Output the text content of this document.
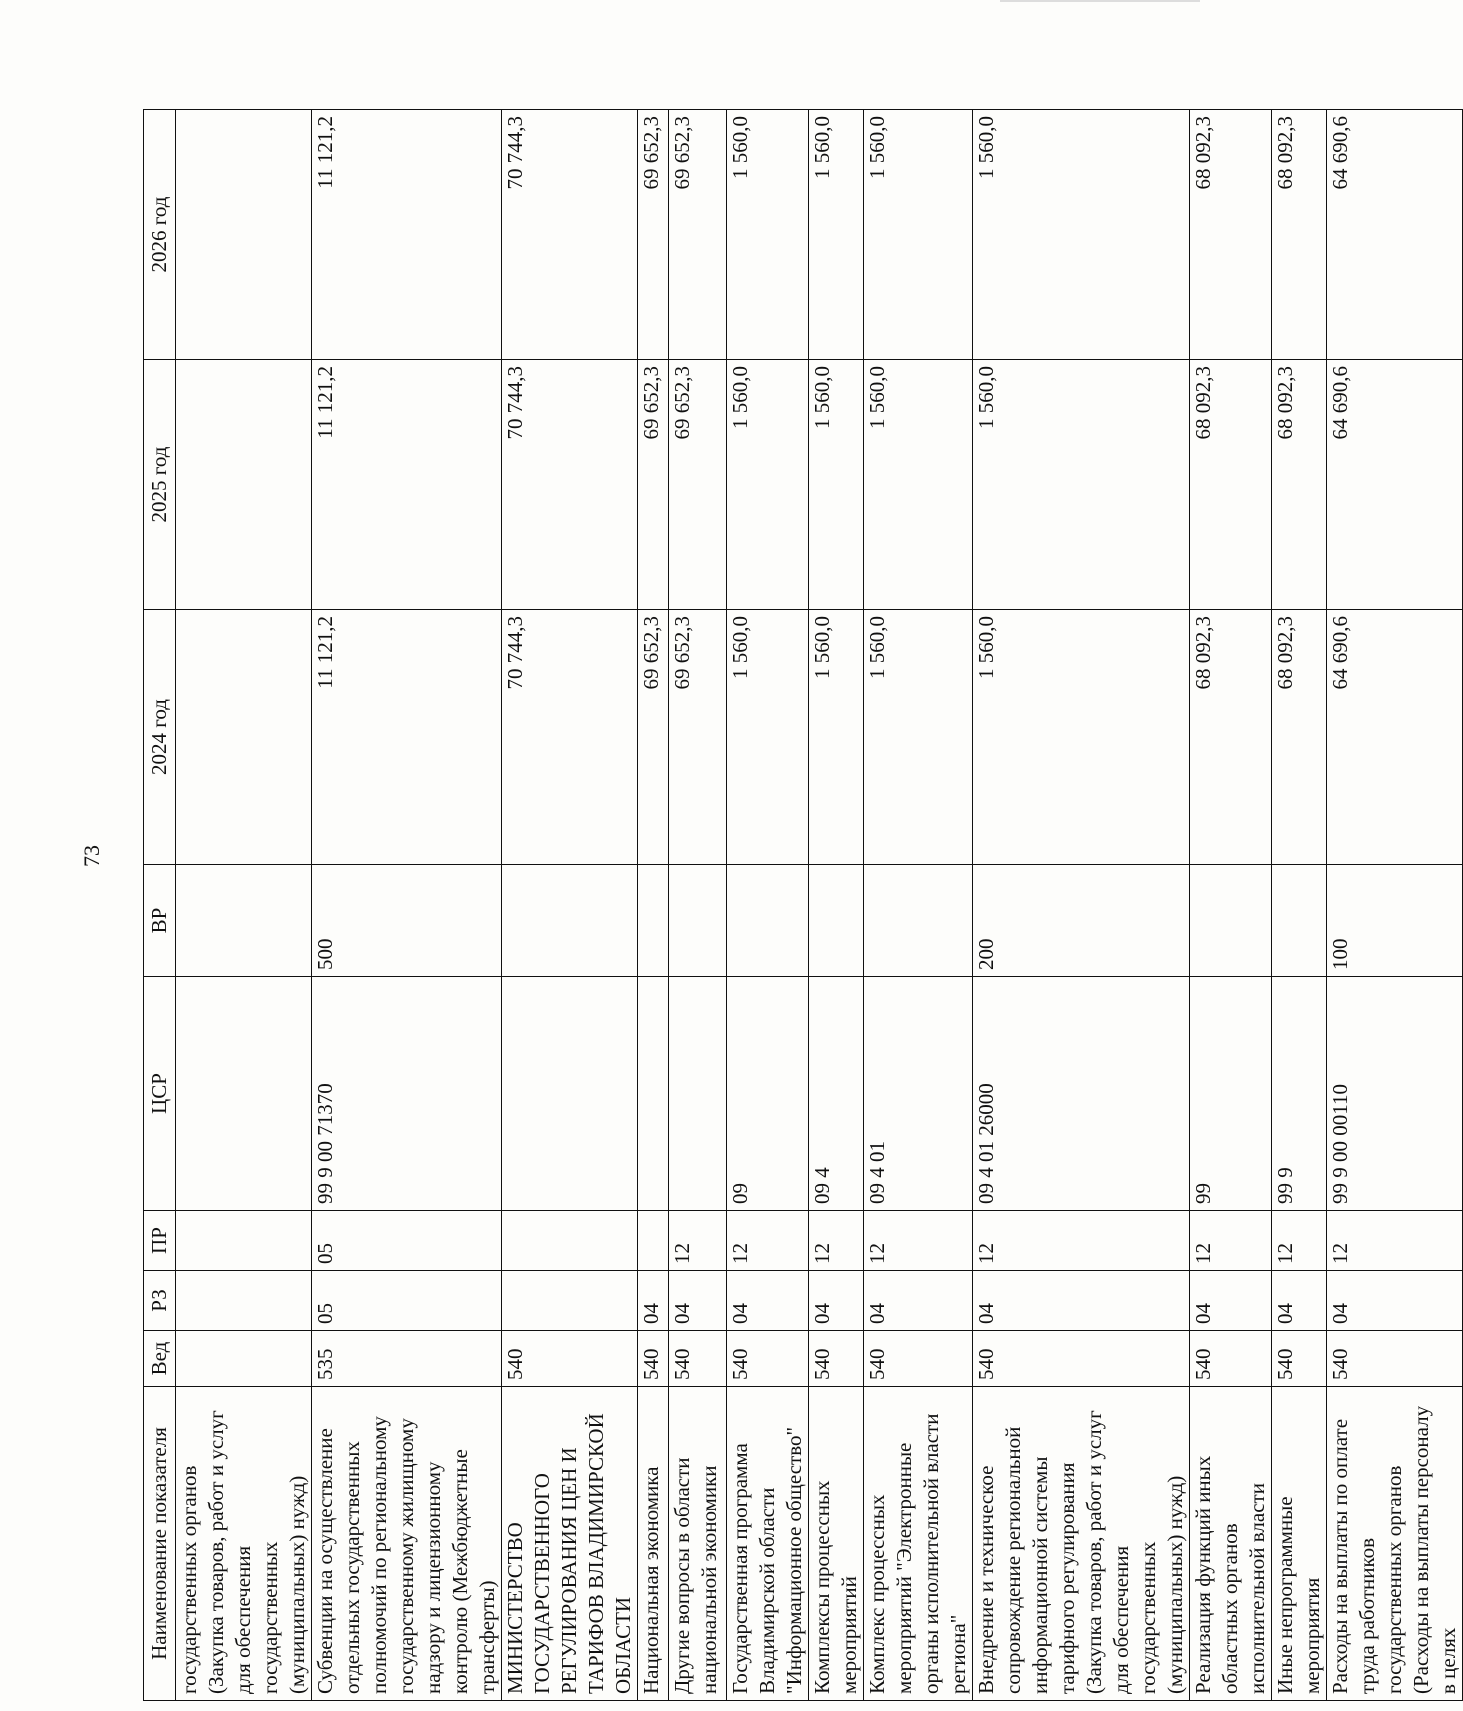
73
Наименование показателя	Вед	РЗ	ПР	ЦСР	ВР	2024 год	2025 год	2026 год
государственных органов (Закупка товаров, работ и услуг для обеспечения государственных (муниципальных) нужд)								
Субвенции на осуществление отдельных государственных полномочий по региональному государственному жилищному надзору и лицензионному контролю (Межбюджетные трансферты)	535	05	05	99 9 00 71370	500	11 121,2	11 121,2	11 121,2
МИНИСТЕРСТВО ГОСУДАРСТВЕННОГО РЕГУЛИРОВАНИЯ ЦЕН И ТАРИФОВ ВЛАДИМИРСКОЙ ОБЛАСТИ	540					70 744,3	70 744,3	70 744,3
Национальная экономика	540	04				69 652,3	69 652,3	69 652,3
Другие вопросы в области национальной экономики	540	04	12			69 652,3	69 652,3	69 652,3
Государственная программа Владимирской области "Информационное общество"	540	04	12	09		1 560,0	1 560,0	1 560,0
Комплексы процессных мероприятий	540	04	12	09 4		1 560,0	1 560,0	1 560,0
Комплекс процессных мероприятий "Электронные органы исполнительной власти региона"	540	04	12	09 4 01		1 560,0	1 560,0	1 560,0
Внедрение и техническое сопровождение региональной информационной системы тарифного регулирования (Закупка товаров, работ и услуг для обеспечения государственных (муниципальных) нужд)	540	04	12	09 4 01 26000	200	1 560,0	1 560,0	1 560,0
Реализация функций иных областных органов исполнительной власти	540	04	12	99		68 092,3	68 092,3	68 092,3
Иные непрограммные мероприятия	540	04	12	99 9		68 092,3	68 092,3	68 092,3
Расходы на выплаты по оплате труда работников государственных органов (Расходы на выплаты персоналу в целях	540	04	12	99 9 00 00110	100	64 690,6	64 690,6	64 690,6
